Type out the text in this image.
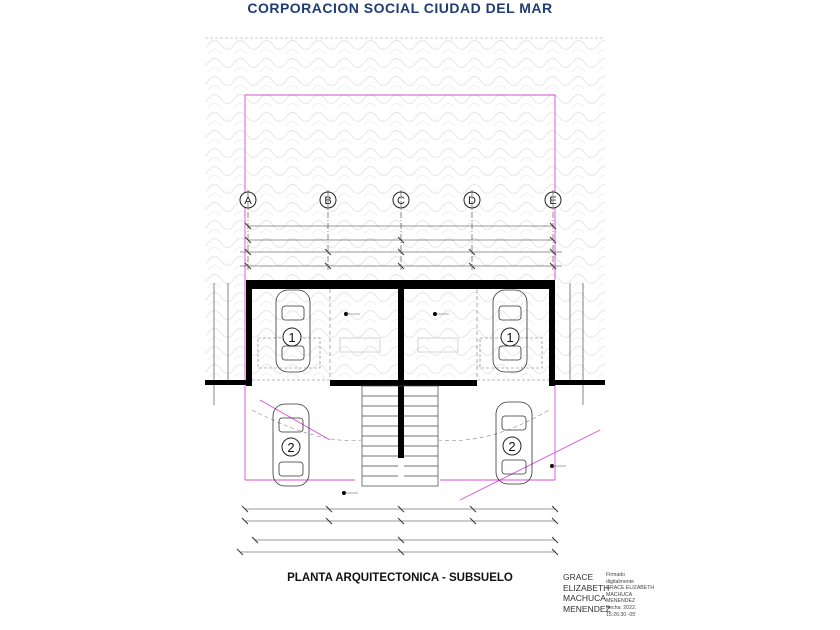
CORPORACION SOCIAL CIUDAD DEL MAR
A	B	C	D	E
1	1
2	2
PLANTA ARQUITECTONICA - SUBSUELO	GRACE
ELIZABETH
MACHUCA
MENENDEZ
Firmado
digitalmente
GRACE ELIZABETH
MACHUCA
MENENDEZ
Fecha: 2022.
15:26:30 -05'
